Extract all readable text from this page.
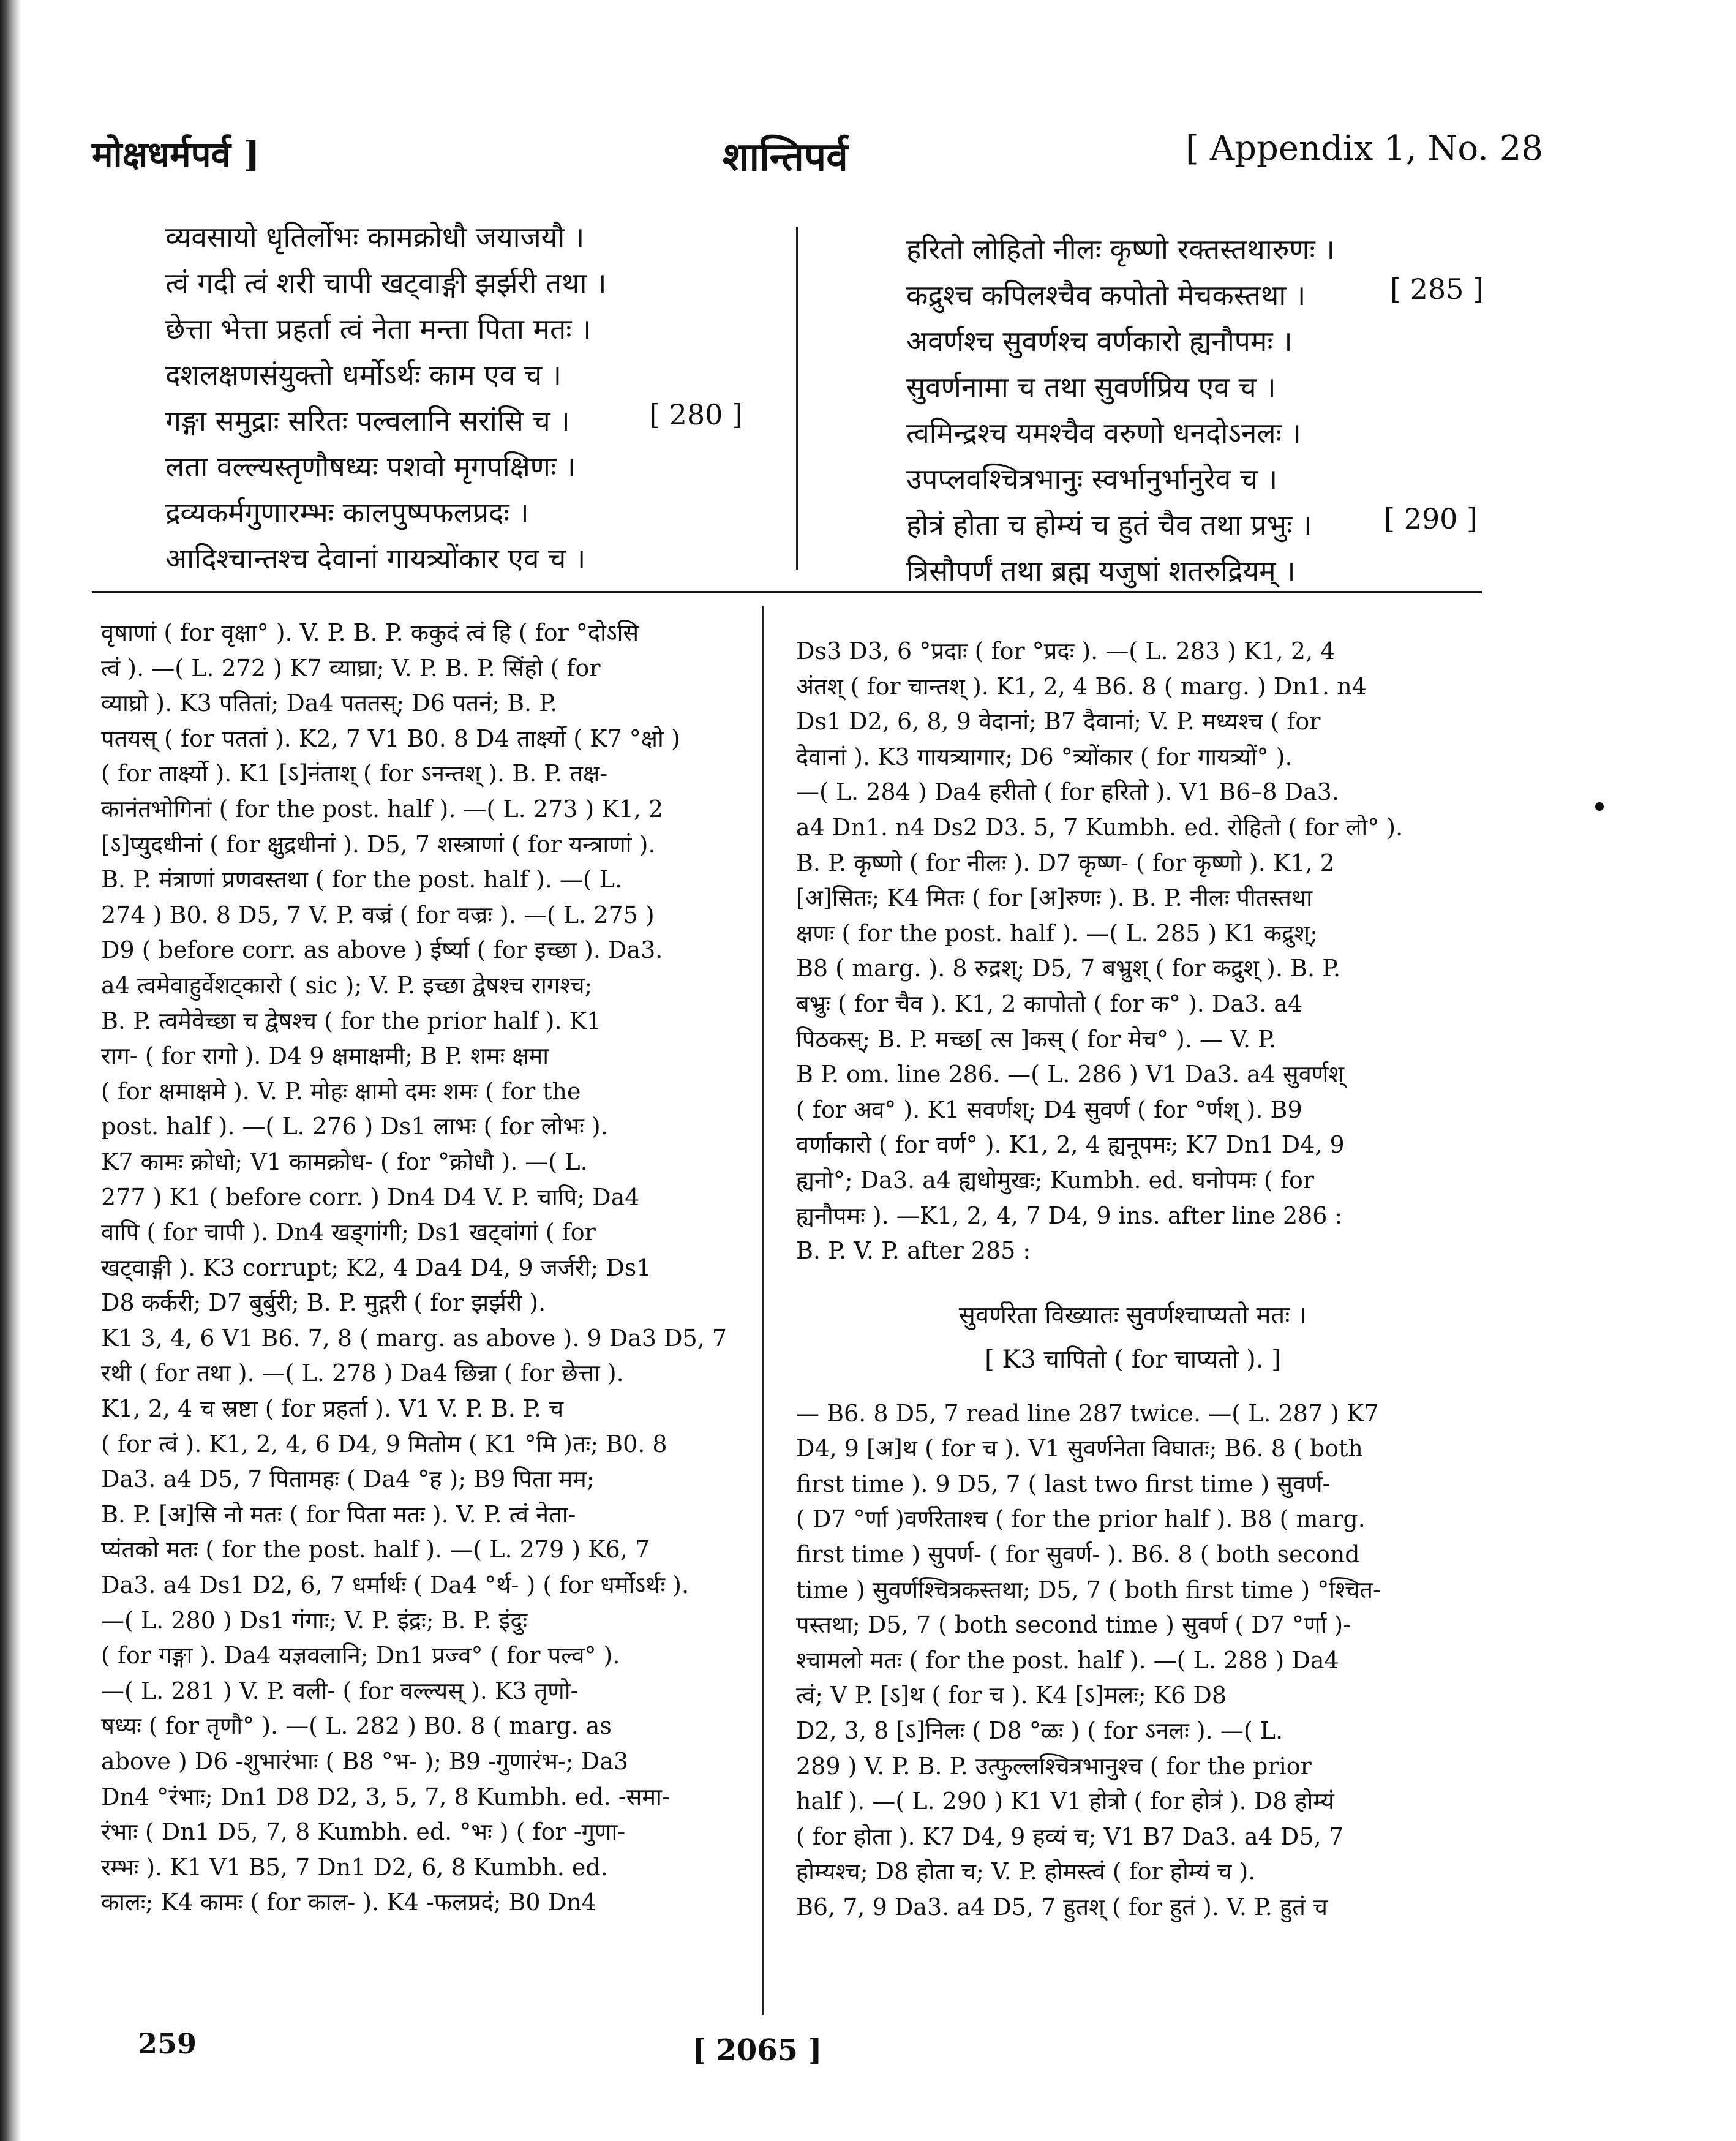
मोक्षधर्मपर्व ]	शान्तिपर्व	[ Appendix 1, No. 28
व्यवसायो धृतिर्लोभः कामक्रोधौ जयाजयौ ।
त्वं गदी त्वं शरी चापी खट्वाङ्गी झर्झरी तथा ।
छेत्ता भेत्ता प्रहर्ता त्वं नेता मन्ता पिता मतः ।
दशलक्षणसंयुक्तो धर्मोऽर्थः काम एव च ।
गङ्गा समुद्राः सरितः पल्वलानि सरांसि च ।
लता वल्ल्यस्तृणौषध्यः पशवो मृगपक्षिणः ।
द्रव्यकर्मगुणारम्भः कालपुष्पफलप्रदः ।
आदिश्चान्तश्च देवानां गायत्र्योंकार एव च ।
[ 280 ]
हरितो लोहितो नीलः कृष्णो रक्तस्तथारुणः ।
कद्रुश्च कपिलश्चैव कपोतो मेचकस्तथा ।
अवर्णश्च सुवर्णश्च वर्णकारो ह्यनौपमः ।
सुवर्णनामा च तथा सुवर्णप्रिय एव च ।
त्वमिन्द्रश्च यमश्चैव वरुणो धनदोऽनलः ।
उपप्लवश्चित्रभानुः स्वर्भानुर्भानुरेव च ।
होत्रं होता च होम्यं च हुतं चैव तथा प्रभुः ।
त्रिसौपर्णं तथा ब्रह्म यजुषां शतरुद्रियम् ।
[ 285 ]
[ 290 ]
वृषाणां ( for वृक्षा° ). V. P. B. P. ककुदं त्वं हि ( for °दोऽसि
त्वं ). —( L. 272 ) K7 व्याघ्रा; V. P. B. P. सिंहो ( for
व्याघ्रो ). K3 पतितां; Da4 पततस्; D6 पतनं; B. P.
पतयस् ( for पततां ). K2, 7 V1 B0. 8 D4 तार्क्ष्यो ( K7 °क्षो )
( for तार्क्ष्यो ). K1 [ऽ]नंताश् ( for ऽनन्तश् ). B. P. तक्ष-
कानंतभोगिनां ( for the post. half ). —( L. 273 ) K1, 2
[ऽ]प्युदधीनां ( for क्षुद्रधीनां ). D5, 7 शस्त्राणां ( for यन्त्राणां ).
B. P. मंत्राणां प्रणवस्तथा ( for the post. half ). —( L.
274 ) B0. 8 D5, 7 V. P. वज्रं ( for वज्रः ). —( L. 275 )
D9 ( before corr. as above ) ईर्ष्या ( for इच्छा ). Da3.
a4 त्वमेवाहुर्वेशट्कारो ( sic ); V. P. इच्छा द्वेषश्च रागश्च;
B. P. त्वमेवेच्छा च द्वेषश्च ( for the prior half ). K1
राग- ( for रागो ). D4 9 क्षमाक्षमी; B P. शमः क्षमा
( for क्षमाक्षमे ). V. P. मोहः क्षामो दमः शमः ( for the
post. half ). —( L. 276 ) Ds1 लाभः ( for लोभः ).
K7 कामः क्रोधो; V1 कामक्रोध- ( for °क्रोधौ ). —( L.
277 ) K1 ( before corr. ) Dn4 D4 V. P. चापि; Da4
वापि ( for चापी ). Dn4 खड्गांगी; Ds1 खट्वांगां ( for
खट्वाङ्गी ). K3 corrupt; K2, 4 Da4 D4, 9 जर्जरी; Ds1
D8 कर्करी; D7 बुर्बुरी; B. P. मुद्गरी ( for झर्झरी ).
K1 3, 4, 6 V1 B6. 7, 8 ( marg. as above ). 9 Da3 D5, 7
रथी ( for तथा ). —( L. 278 ) Da4 छिन्ना ( for छेत्ता ).
K1, 2, 4 च स्रष्टा ( for प्रहर्ता ). V1 V. P. B. P. च
( for त्वं ). K1, 2, 4, 6 D4, 9 मितोम ( K1 °मि )तः; B0. 8
Da3. a4 D5, 7 पितामहः ( Da4 °ह ); B9 पिता मम;
B. P. [अ]सि नो मतः ( for पिता मतः ). V. P. त्वं नेता-
प्यंतको मतः ( for the post. half ). —( L. 279 ) K6, 7
Da3. a4 Ds1 D2, 6, 7 धर्मार्थः ( Da4 °र्थ- ) ( for धर्मोऽर्थः ).
—( L. 280 ) Ds1 गंगाः; V. P. इंद्रः; B. P. इंदुः
( for गङ्गा ). Da4 यज्ञवलानि; Dn1 प्रज्व° ( for पल्व° ).
—( L. 281 ) V. P. वली- ( for वल्ल्यस् ). K3 तृणो-
षध्यः ( for तृणौ° ). —( L. 282 ) B0. 8 ( marg. as
above ) D6 -शुभारंभाः ( B8 °भ- ); B9 -गुणारंभ-; Da3
Dn4 °रंभाः; Dn1 D8 D2, 3, 5, 7, 8 Kumbh. ed. -समा-
रंभाः ( Dn1 D5, 7, 8 Kumbh. ed. °भः ) ( for -गुणा-
रम्भः ). K1 V1 B5, 7 Dn1 D2, 6, 8 Kumbh. ed.
कालः; K4 कामः ( for काल- ). K4 -फलप्रदं; B0 Dn4
Ds3 D3, 6 °प्रदाः ( for °प्रदः ). —( L. 283 ) K1, 2, 4
अंतश् ( for चान्तश् ). K1, 2, 4 B6. 8 ( marg. ) Dn1. n4
Ds1 D2, 6, 8, 9 वेदानां; B7 दैवानां; V. P. मध्यश्च ( for
देवानां ). K3 गायत्र्यागार; D6 °त्र्योंकार ( for गायत्र्यों° ).
—( L. 284 ) Da4 हरीतो ( for हरितो ). V1 B6–8 Da3.
a4 Dn1. n4 Ds2 D3. 5, 7 Kumbh. ed. रोहितो ( for लो° ).
B. P. कृष्णो ( for नीलः ). D7 कृष्ण- ( for कृष्णो ). K1, 2
[अ]सितः; K4 मितः ( for [अ]रुणः ). B. P. नीलः पीतस्तथा
क्षणः ( for the post. half ). —( L. 285 ) K1 कद्रुश्;
B8 ( marg. ). 8 रुद्रश्; D5, 7 बभ्रुश् ( for कद्रुश् ). B. P.
बभ्रुः ( for चैव ). K1, 2 कापोतो ( for क° ). Da3. a4
पिठकस्; B. P. मच्छ[ त्स ]कस् ( for मेच° ). — V. P.
B P. om. line 286. —( L. 286 ) V1 Da3. a4 सुवर्णश्
( for अव° ). K1 सवर्णश्; D4 सुवर्ण ( for °र्णश् ). B9
वर्णाकारो ( for वर्ण° ). K1, 2, 4 ह्यनूपमः; K7 Dn1 D4, 9
ह्यनो°; Da3. a4 ह्यधोमुखः; Kumbh. ed. घनोपमः ( for
ह्यनौपमः ). —K1, 2, 4, 7 D4, 9 ins. after line 286 :
B. P. V. P. after 285 :
सुवर्णरेता विख्यातः सुवर्णश्चाप्यतो मतः ।
[ K3 चापितो ( for चाप्यतो ). ]
— B6. 8 D5, 7 read line 287 twice. —( L. 287 ) K7
D4, 9 [अ]थ ( for च ). V1 सुवर्णनेता विघातः; B6. 8 ( both
first time ). 9 D5, 7 ( last two first time ) सुवर्ण-
( D7 °र्णा )वर्णरेताश्च ( for the prior half ). B8 ( marg.
first time ) सुपर्ण- ( for सुवर्ण- ). B6. 8 ( both second
time ) सुवर्णश्चित्रकस्तथा; D5, 7 ( both first time ) °श्चित-
पस्तथा; D5, 7 ( both second time ) सुवर्ण ( D7 °र्णा )-
श्चामलो मतः ( for the post. half ). —( L. 288 ) Da4
त्वं; V P. [ऽ]थ ( for च ). K4 [ऽ]मलः; K6 D8
D2, 3, 8 [ऽ]निलः ( D8 °ळः ) ( for ऽनलः ). —( L.
289 ) V. P. B. P. उत्फुल्लश्चित्रभानुश्च ( for the prior
half ). —( L. 290 ) K1 V1 होत्रो ( for होत्रं ). D8 होम्यं
( for होता ). K7 D4, 9 हव्यं च; V1 B7 Da3. a4 D5, 7
होम्यश्च; D8 होता च; V. P. होमस्त्वं ( for होम्यं च ).
B6, 7, 9 Da3. a4 D5, 7 हुतश् ( for हुतं ). V. P. हुतं च
259	[ 2065 ]
